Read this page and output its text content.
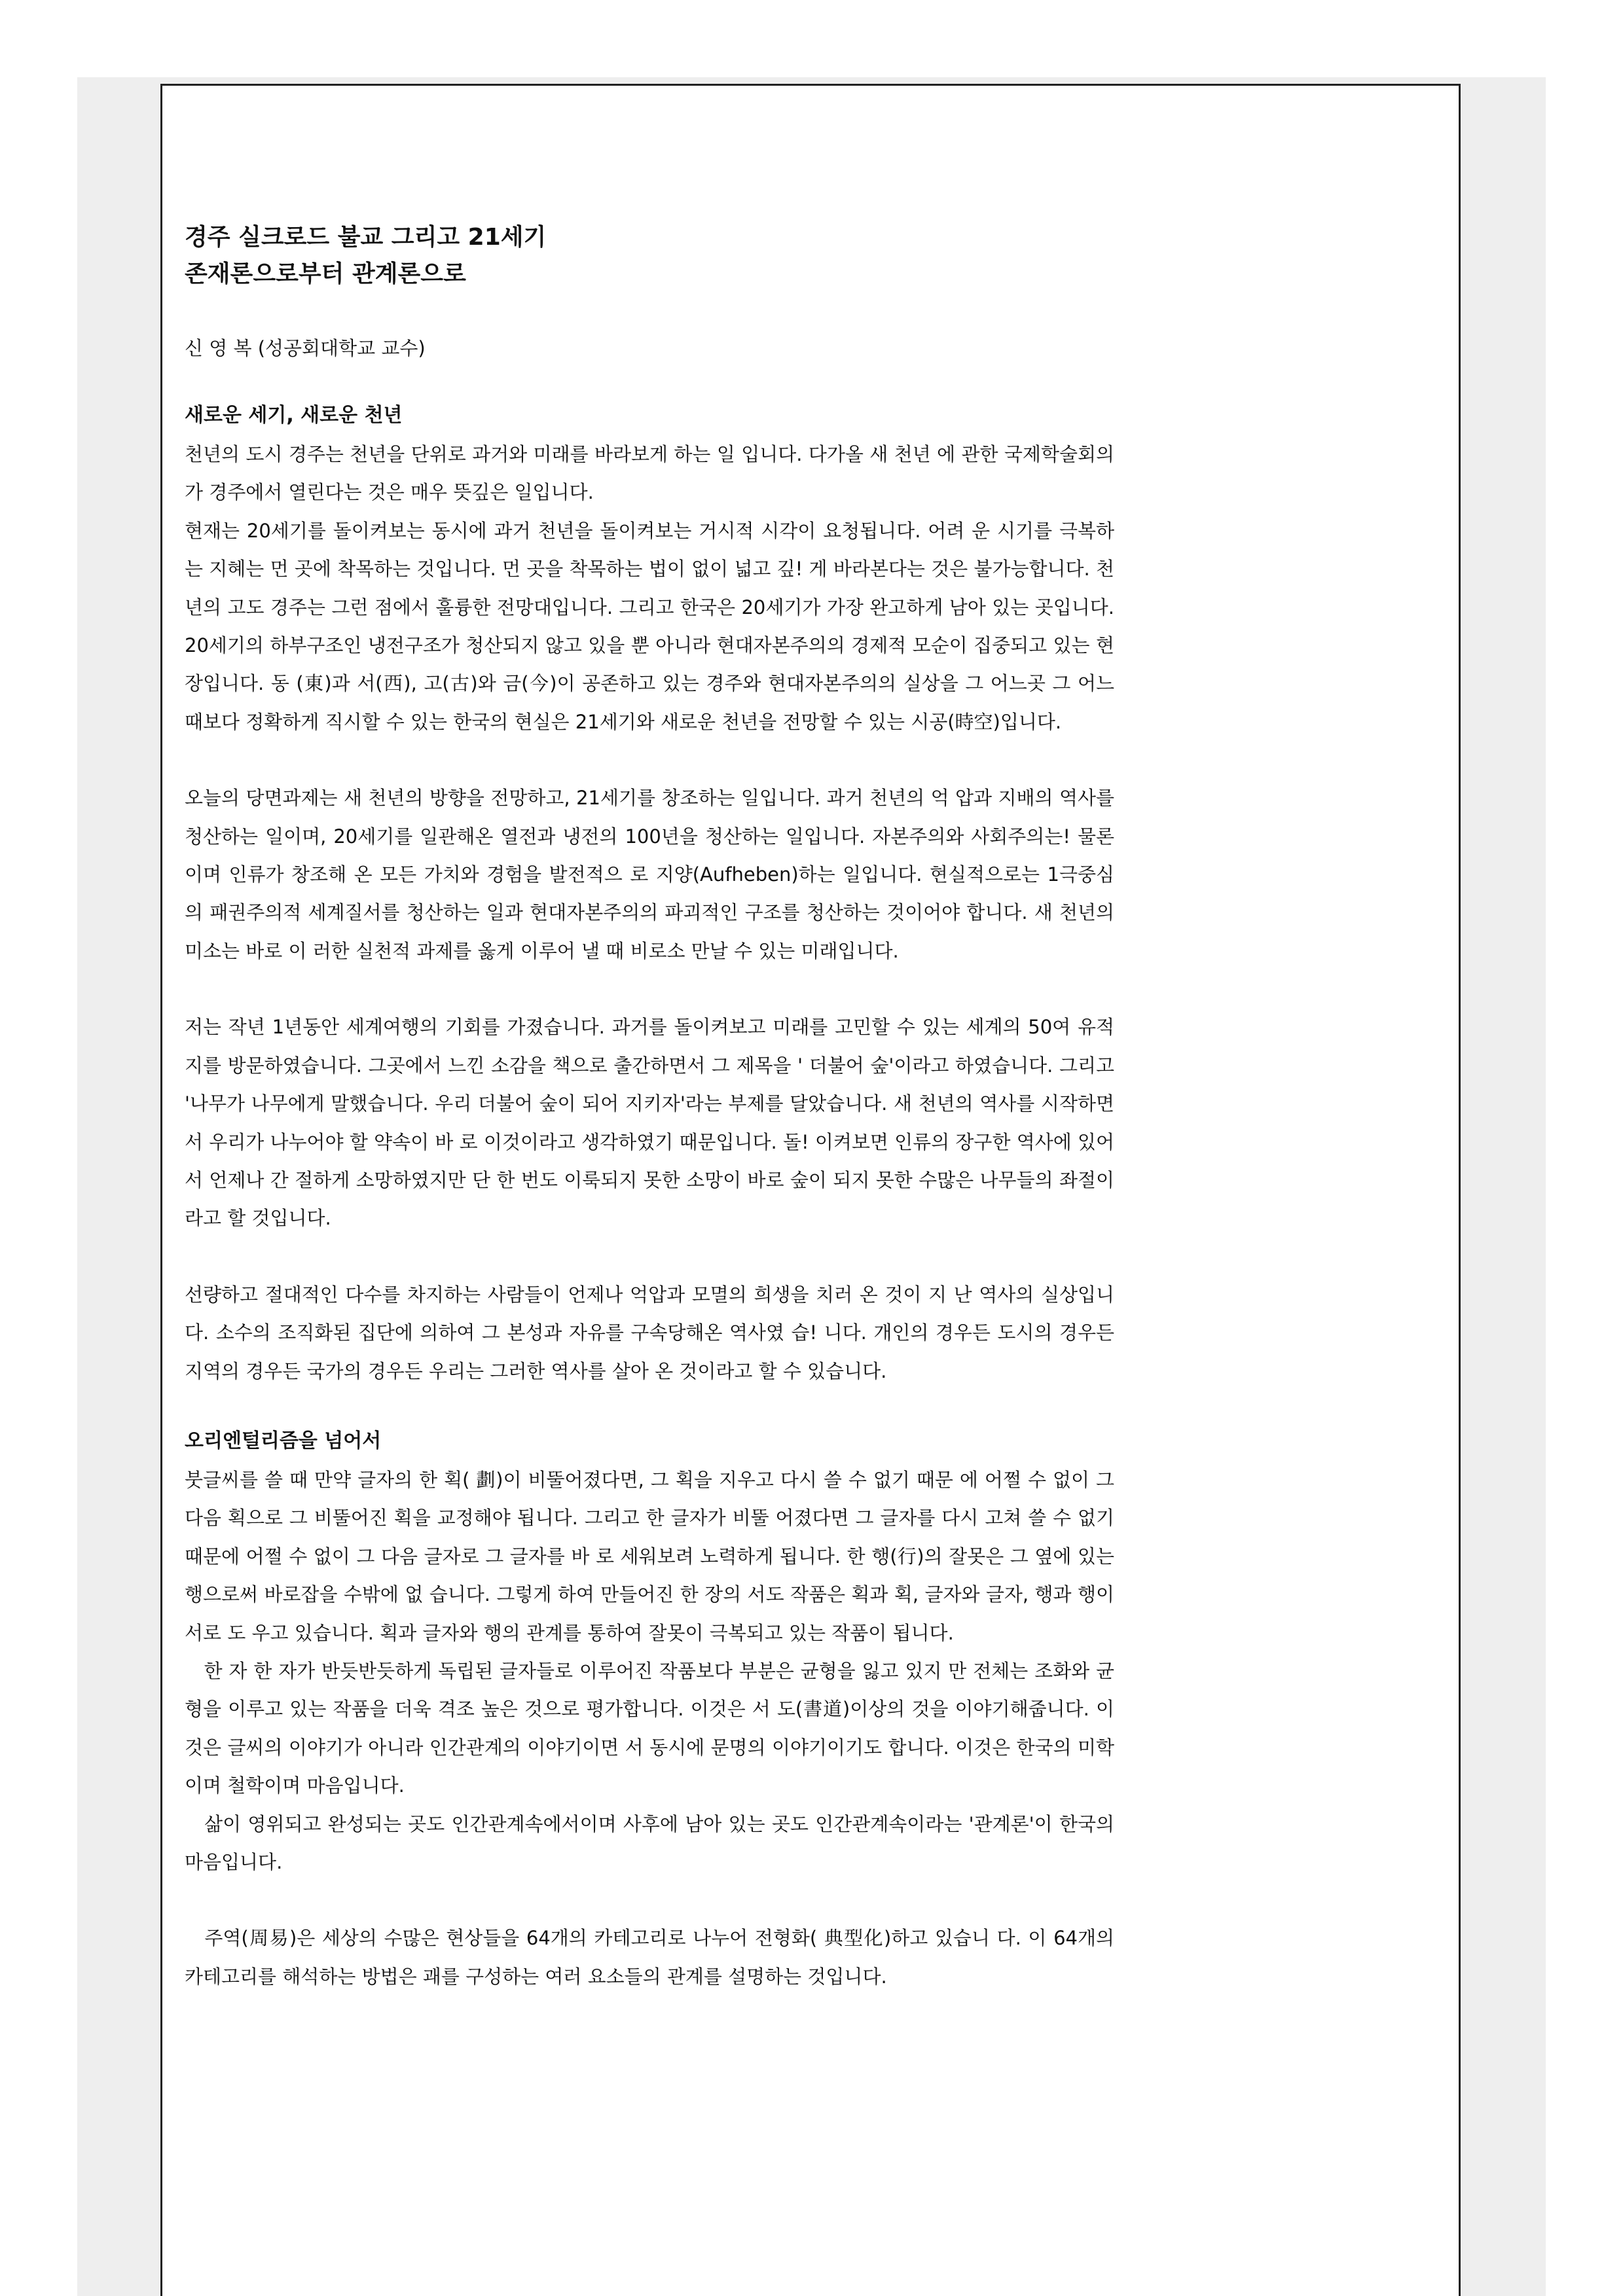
경주 실크로드 불교 그리고 21세기
존재론으로부터 관계론으로
신 영 복 (성공회대학교 교수)
새로운 세기, 새로운 천년

천년의 도시 경주는 천년을 단위로 과거와 미래를 바라보게 하는 일 입니다. 다가올 새 천년 에 관한 국제학술회의가 경주에서 열린다는 것은 매우 뜻깊은 일입니다.

현재는 20세기를 돌이켜보는 동시에 과거 천년을 돌이켜보는 거시적 시각이 요청됩니다. 어려 운 시기를 극복하는 지혜는 먼 곳에 착목하는 것입니다. 먼 곳을 착목하는 법이 없이 넓고 깊! 게 바라본다는 것은 불가능합니다. 천년의 고도 경주는 그런 점에서 훌륭한 전망대입니다. 그리고 한국은 20세기가 가장 완고하게 남아 있는 곳입니다. 20세기의 하부구조인 냉전구조가 청산되지 않고 있을 뿐 아니라 현대자본주의의 경제적 모순이 집중되고 있는 현장입니다. 동 (東)과 서(西), 고(古)와 금(今)이 공존하고 있는 경주와 현대자본주의의 실상을 그 어느곳 그 어느 때보다 정확하게 직시할 수 있는 한국의 현실은 21세기와 새로운 천년을 전망할 수 있는 시공(時空)입니다.

오늘의 당면과제는 새 천년의 방향을 전망하고, 21세기를 창조하는 일입니다. 과거 천년의 억 압과 지배의 역사를 청산하는 일이며, 20세기를 일관해온 열전과 냉전의 100년을 청산하는 일입니다. 자본주의와 사회주의는! 물론이며 인류가 창조해 온 모든 가치와 경험을 발전적으 로 지양(Aufheben)하는 일입니다. 현실적으로는 1극중심의 패권주의적 세계질서를 청산하는 일과 현대자본주의의 파괴적인 구조를 청산하는 것이어야 합니다. 새 천년의 미소는 바로 이 러한 실천적 과제를 옳게 이루어 낼 때 비로소 만날 수 있는 미래입니다.

저는 작년 1년동안 세계여행의 기회를 가졌습니다. 과거를 돌이켜보고 미래를 고민할 수 있는 세계의 50여 유적지를 방문하였습니다. 그곳에서 느낀 소감을 책으로 출간하면서 그 제목을 ' 더불어 숲'이라고 하였습니다. 그리고 '나무가 나무에게 말했습니다. 우리 더불어 숲이 되어 지키자'라는 부제를 달았습니다. 새 천년의 역사를 시작하면서 우리가 나누어야 할 약속이 바 로 이것이라고 생각하였기 때문입니다. 돌! 이켜보면 인류의 장구한 역사에 있어서 언제나 간 절하게 소망하였지만 단 한 번도 이룩되지 못한 소망이 바로 숲이 되지 못한 수많은 나무들의 좌절이라고 할 것입니다.

선량하고 절대적인 다수를 차지하는 사람들이 언제나 억압과 모멸의 희생을 치러 온 것이 지 난 역사의 실상입니다. 소수의 조직화된 집단에 의하여 그 본성과 자유를 구속당해온 역사였 습! 니다. 개인의 경우든 도시의 경우든 지역의 경우든 국가의 경우든 우리는 그러한 역사를 살아 온 것이라고 할 수 있습니다.

오리엔털리즘을 넘어서

붓글씨를 쓸 때 만약 글자의 한 획( 劃)이 비뚤어졌다면, 그 획을 지우고 다시 쓸 수 없기 때문 에 어쩔 수 없이 그 다음 획으로 그 비뚤어진 획을 교정해야 됩니다. 그리고 한 글자가 비뚤 어졌다면 그 글자를 다시 고쳐 쓸 수 없기 때문에 어쩔 수 없이 그 다음 글자로 그 글자를 바 로 세워보려 노력하게 됩니다. 한 행(行)의 잘못은 그 옆에 있는 행으로써 바로잡을 수밖에 없 습니다. 그렇게 하여 만들어진 한 장의 서도 작품은 획과 획, 글자와 글자, 행과 행이 서로 도 우고 있습니다. 획과 글자와 행의 관계를 통하여 잘못이 극복되고 있는 작품이 됩니다.

　한 자 한 자가 반듯반듯하게 독립된 글자들로 이루어진 작품보다 부분은 균형을 잃고 있지 만 전체는 조화와 균형을 이루고 있는 작품을 더욱 격조 높은 것으로 평가합니다. 이것은 서 도(書道)이상의 것을 이야기해줍니다. 이것은 글씨의 이야기가 아니라 인간관계의 이야기이면 서 동시에 문명의 이야기이기도 합니다. 이것은 한국의 미학이며 철학이며 마음입니다.

　삶이 영위되고 완성되는 곳도 인간관계속에서이며 사후에 남아 있는 곳도 인간관계속이라는 '관계론'이 한국의 마음입니다.

　주역(周易)은 세상의 수많은 현상들을 64개의 카테고리로 나누어 전형화( 典型化)하고 있습니 다. 이 64개의 카테고리를 해석하는 방법은 괘를 구성하는 여러 요소들의 관계를 설명하는 것입니다.
